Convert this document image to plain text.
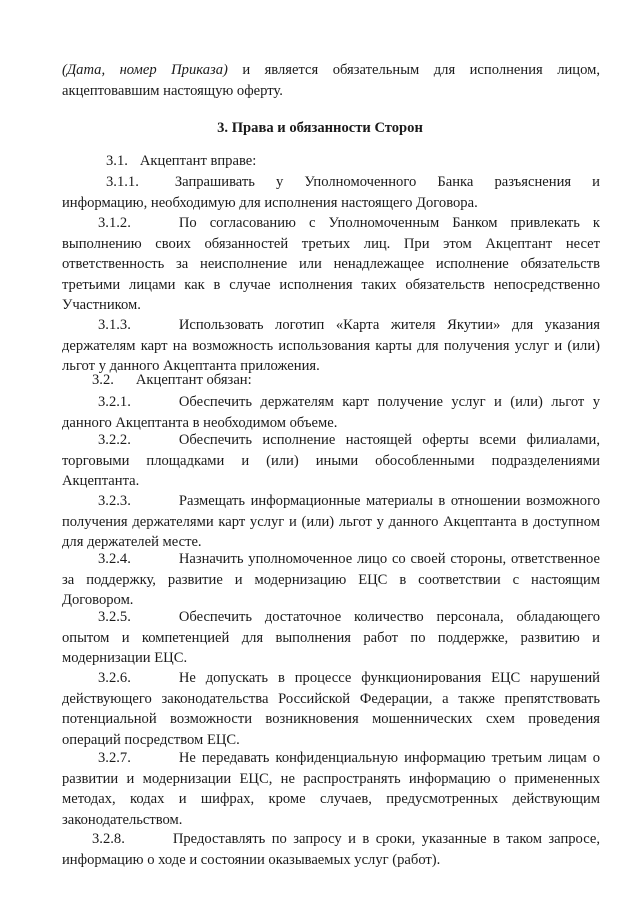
(Дата, номер Приказа) и является обязательным для исполнения лицом, акцептовавшим настоящую оферту.
3. Права и обязанности Сторон
3.1. Акцептант вправе:
3.1.1. Запрашивать у Уполномоченного Банка разъяснения и информацию, необходимую для исполнения настоящего Договора.
3.1.2.	По согласованию с Уполномоченным Банком привлекать к выполнению своих обязанностей третьих лиц. При этом Акцептант несет ответственность за неисполнение или ненадлежащее исполнение обязательств третьими лицами как в случае исполнения таких обязательств непосредственно Участником.
3.1.3.	Использовать логотип «Карта жителя Якутии» для указания держателям карт на возможность использования карты для получения услуг и (или) льгот у данного Акцептанта приложения.
3.2. Акцептант обязан:
3.2.1.	Обеспечить держателям карт получение услуг и (или) льгот у данного Акцептанта в необходимом объеме.
3.2.2.	Обеспечить исполнение настоящей оферты всеми филиалами, торговыми площадками и (или) иными обособленными подразделениями Акцептанта.
3.2.3.	Размещать информационные материалы в отношении возможного получения держателями карт услуг и (или) льгот у данного Акцептанта в доступном для держателей месте.
3.2.4.	Назначить уполномоченное лицо со своей стороны, ответственное за поддержку, развитие и модернизацию ЕЦС в соответствии с настоящим Договором.
3.2.5.	Обеспечить достаточное количество персонала, обладающего опытом и компетенцией для выполнения работ по поддержке, развитию и модернизации ЕЦС.
3.2.6.	Не допускать в процессе функционирования ЕЦС нарушений действующего законодательства Российской Федерации, а также препятствовать потенциальной возможности возникновения мошеннических схем проведения операций посредством ЕЦС.
3.2.7.	Не передавать конфиденциальную информацию третьим лицам о развитии и модернизации ЕЦС, не распространять информацию о примененных методах, кодах и шифрах, кроме случаев, предусмотренных действующим законодательством.
3.2.8.	Предоставлять по запросу и в сроки, указанные в таком запросе, информацию о ходе и состоянии оказываемых услуг (работ).
